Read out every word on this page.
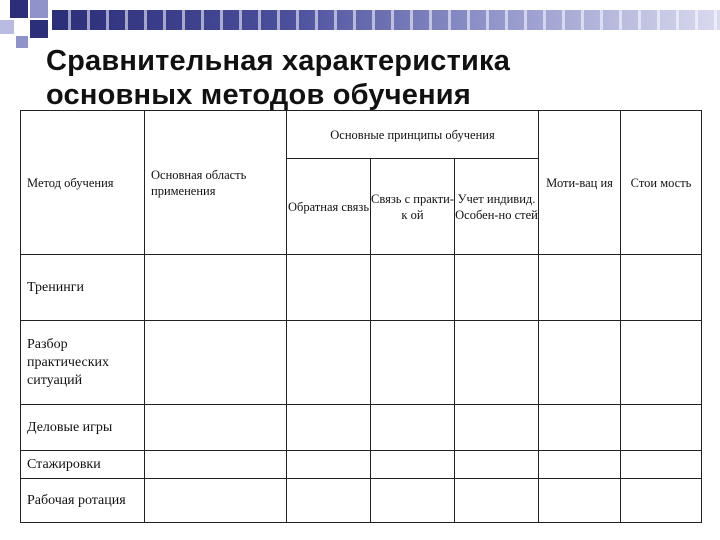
Сравнительная характеристика
основных методов обучения
Метод обучения	Основная область применения	Основные принципы обучения			Моти-вац ия	Стои мость
		Обратная связь	Связь с практи-к ой	Учет индивид. Особен-но стей		
Тренинги						
Разбор практических ситуаций						
Деловые игры						
Стажировки						
Рабочая ротация						
